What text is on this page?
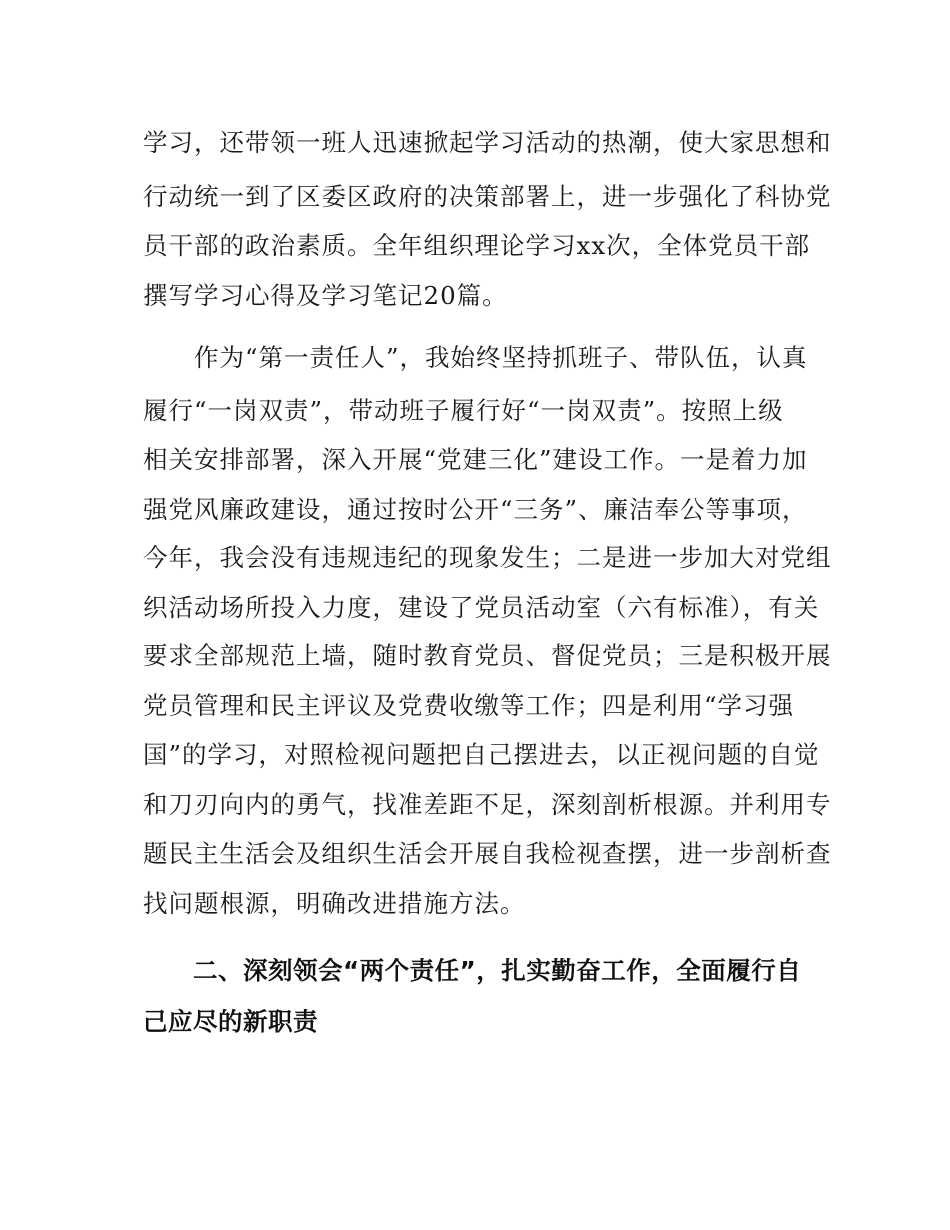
学习，还带领一班人迅速掀起学习活动的热潮，使大家思想和
行动统一到了区委区政府的决策部署上，进一步强化了科协党
员干部的政治素质。全年组织理论学习xx次，全体党员干部
撰写学习心得及学习笔记20篇。
　　作为“第一责任人”，我始终坚持抓班子、带队伍，认真
履行“一岗双责”，带动班子履行好“一岗双责”。按照上级
相关安排部署，深入开展“党建三化”建设工作。一是着力加
强党风廉政建设，通过按时公开“三务”、廉洁奉公等事项，
今年，我会没有违规违纪的现象发生；二是进一步加大对党组
织活动场所投入力度，建设了党员活动室（六有标准），有关
要求全部规范上墙，随时教育党员、督促党员；三是积极开展
党员管理和民主评议及党费收缴等工作；四是利用“学习强
国”的学习，对照检视问题把自己摆进去，以正视问题的自觉
和刀刃向内的勇气，找准差距不足，深刻剖析根源。并利用专
题民主生活会及组织生活会开展自我检视查摆，进一步剖析查
找问题根源，明确改进措施方法。
　　二、深刻领会“两个责任”，扎实勤奋工作，全面履行自
己应尽的新职责
